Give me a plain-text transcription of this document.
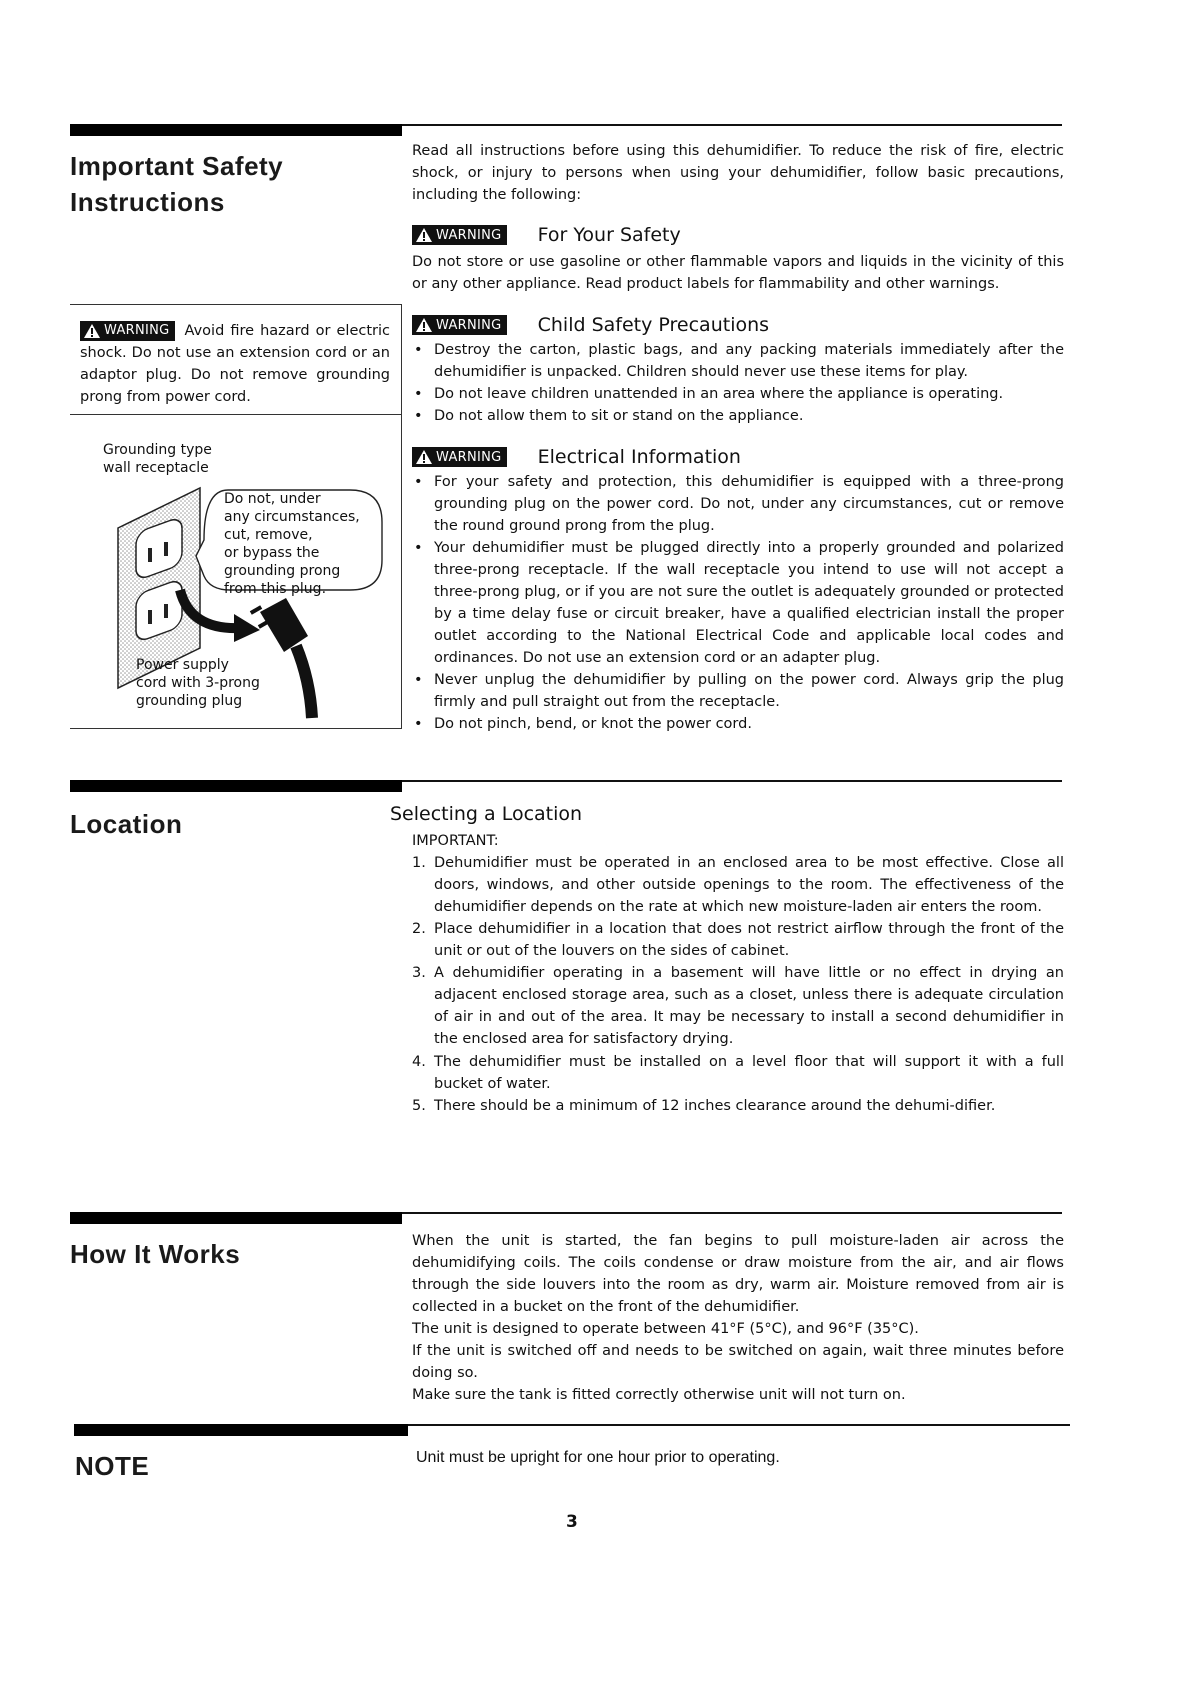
Important Safety
Instructions
Read all instructions before using this dehumidifier. To reduce the risk of fire, electric shock, or injury to persons when using your dehumidifier, follow basic precautions, including the following:
WARNING For Your Safety
Do not store or use gasoline or other flammable vapors and liquids in the vicinity of this or any other appliance. Read product labels for flammability and other warnings.
WARNING Avoid fire hazard or electric shock. Do not use an extension cord or an adaptor plug. Do not remove grounding prong from power cord.
Grounding type
wall receptacle
Do not, under
any circumstances,
cut, remove,
or bypass the
grounding prong
from this plug.
Power supply
cord with 3-prong
grounding plug
WARNING Child Safety Precautions
• Destroy the carton, plastic bags, and any packing materials immediately after the dehumidifier is unpacked. Children should never use these items for play.
• Do not leave children unattended in an area where the appliance is operating.
• Do not allow them to sit or stand on the appliance.
WARNING Electrical Information
• For your safety and protection, this dehumidifier is equipped with a three-prong grounding plug on the power cord. Do not, under any circumstances, cut or remove the round ground prong from the plug.
• Your dehumidifier must be plugged directly into a properly grounded and polarized three-prong receptacle. If the wall receptacle you intend to use will not accept a three-prong plug, or if you are not sure the outlet is adequately grounded or protected by a time delay fuse or circuit breaker, have a qualified electrician install the proper outlet according to the National Electrical Code and applicable local codes and ordinances. Do not use an extension cord or an adapter plug.
• Never unplug the dehumidifier by pulling on the power cord. Always grip the plug firmly and pull straight out from the receptacle.
• Do not pinch, bend, or knot the power cord.
Location	Selecting a Location
IMPORTANT:
1. Dehumidifier must be operated in an enclosed area to be most effective. Close all doors, windows, and other outside openings to the room. The effectiveness of the dehumidifier depends on the rate at which new moisture-laden air enters the room.
2. Place dehumidifier in a location that does not restrict airflow through the front of the unit or out of the louvers on the sides of cabinet.
3. A dehumidifier operating in a basement will have little or no effect in drying an adjacent enclosed storage area, such as a closet, unless there is adequate circulation of air in and out of the area. It may be necessary to install a second dehumidifier in the enclosed area for satisfactory drying.
4. The dehumidifier must be installed on a level floor that will support it with a full bucket of water.
5. There should be a minimum of 12 inches clearance around the dehumi-difier.
How It Works	When the unit is started, the fan begins to pull moisture-laden air across the dehumidifying coils. The coils condense or draw moisture from the air, and air flows through the side louvers into the room as dry, warm air. Moisture removed from air is collected in a bucket on the front of the dehumidifier.
The unit is designed to operate between 41°F (5°C), and 96°F (35°C).
If the unit is switched off and needs to be switched on again, wait three minutes before doing so.
Make sure the tank is fitted correctly otherwise unit will not turn on.
NOTE	Unit must be upright for one hour prior to operating.
3
